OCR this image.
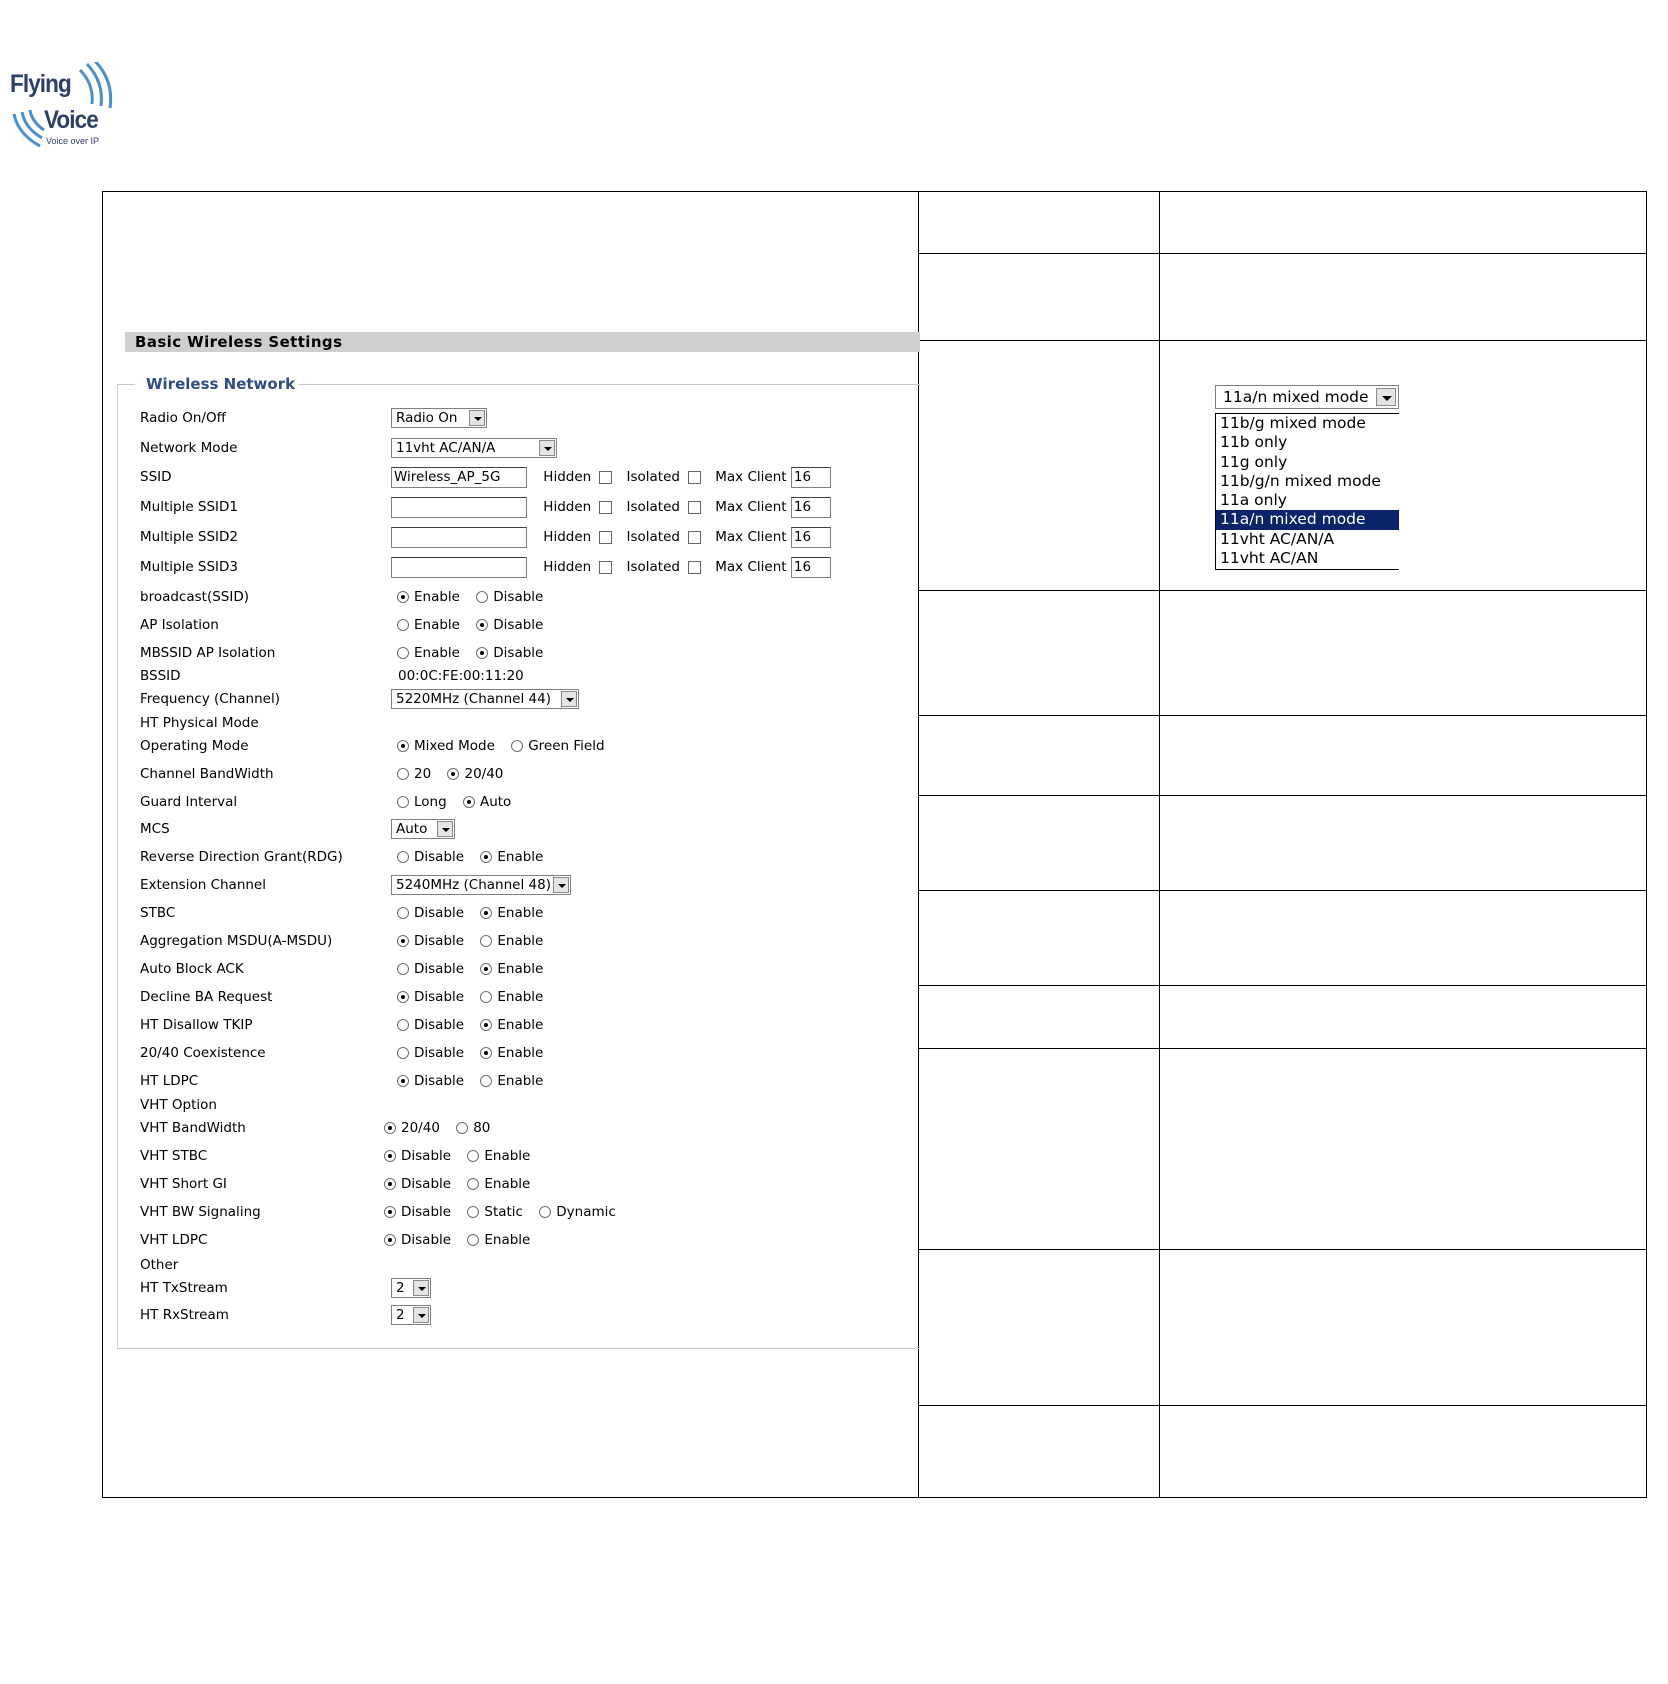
Flying
Voice
Voice over IP
Basic Wireless Settings
Wireless Network
Radio On/Off	Radio On
Network Mode	11vht AC/AN/A
SSID	Wireless_AP_5G	Hidden	Isolated	Max Client 16
Multiple SSID1	Hidden	Isolated	Max Client 16
Multiple SSID2	Hidden	Isolated	Max Client 16
Multiple SSID3	Hidden	Isolated	Max Client 16
broadcast(SSID)	Enable Disable
AP Isolation	Enable Disable
MBSSID AP Isolation	Enable Disable
BSSID	00:0C:FE:00:11:20
Frequency (Channel)	5220MHz (Channel 44)
HT Physical Mode
Operating Mode	Mixed Mode Green Field
Channel BandWidth	20 20/40
Guard Interval	Long Auto
MCS	Auto
Reverse Direction Grant(RDG)	Disable Enable
Extension Channel	5240MHz (Channel 48)
STBC	Disable Enable
Aggregation MSDU(A-MSDU)	Disable Enable
Auto Block ACK	Disable Enable
Decline BA Request	Disable Enable
HT Disallow TKIP	Disable Enable
20/40 Coexistence	Disable Enable
HT LDPC	Disable Enable
VHT Option
VHT BandWidth	20/40 80
VHT STBC	Disable Enable
VHT Short GI	Disable Enable
VHT BW Signaling	Disable Static Dynamic
VHT LDPC	Disable Enable
Other
HT TxStream	2
HT RxStream	2
11a/n mixed mode
11b/g mixed mode
11b only
11g only
11b/g/n mixed mode
11a only
11a/n mixed mode
11vht AC/AN/A
11vht AC/AN
